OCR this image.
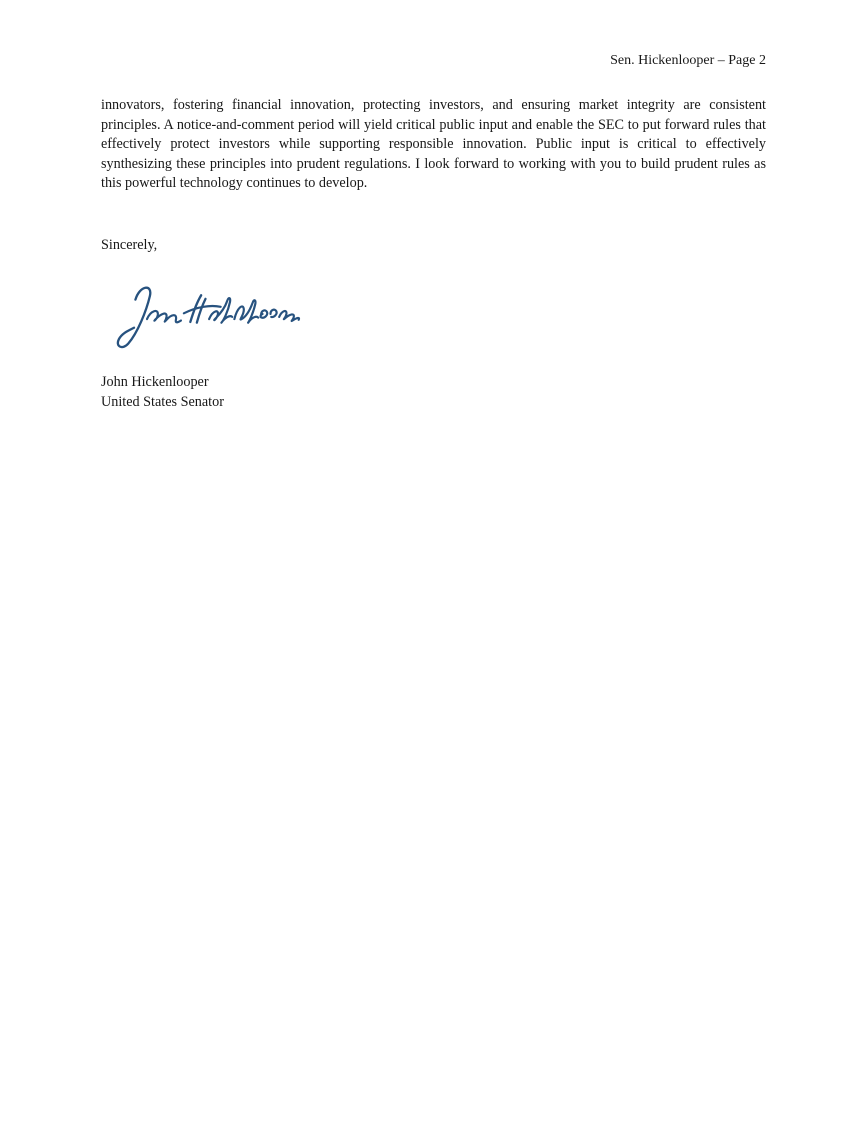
Sen. Hickenlooper – Page 2

innovators, fostering financial innovation, protecting investors, and ensuring market integrity are consistent principles. A notice-and-comment period will yield critical public input and enable the SEC to put forward rules that effectively protect investors while supporting responsible innovation. Public input is critical to effectively synthesizing these principles into prudent regulations. I look forward to working with you to build prudent rules as this powerful technology continues to develop.

Sincerely,

John Hickenlooper
United States Senator
